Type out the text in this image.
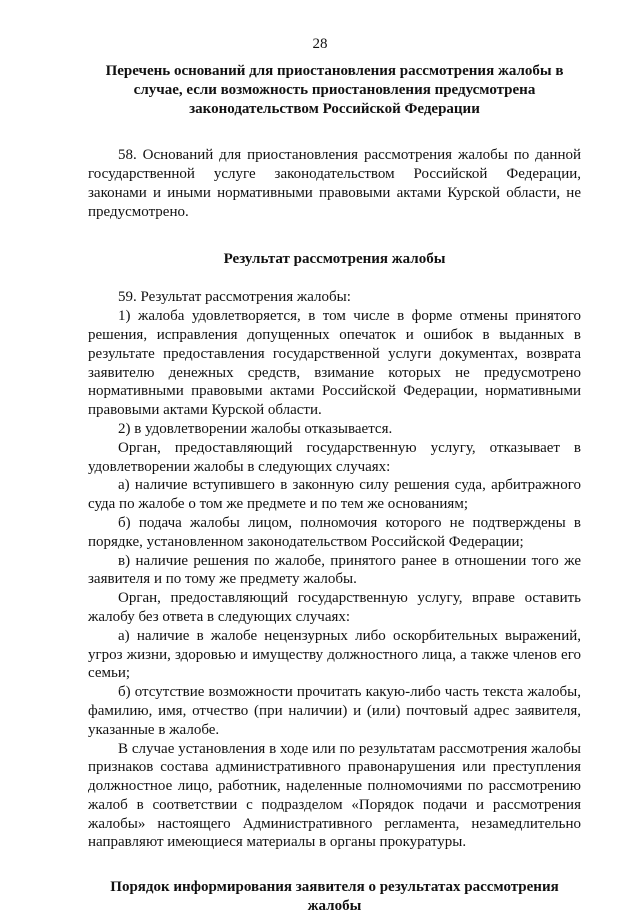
28

Перечень оснований для приостановления рассмотрения жалобы в случае, если возможность приостановления предусмотрена законодательством Российской Федерации

58. Оснований для приостановления рассмотрения жалобы по данной государственной услуге законодательством Российской Федерации, законами и иными нормативными правовыми актами Курской области, не предусмотрено.

Результат рассмотрения жалобы

59. Результат рассмотрения жалобы:

1) жалоба удовлетворяется, в том числе в форме отмены принятого решения, исправления допущенных опечаток и ошибок в выданных в результате предоставления государственной услуги документах, возврата заявителю денежных средств, взимание которых не предусмотрено нормативными правовыми актами Российской Федерации, нормативными правовыми актами Курской области.

2) в удовлетворении жалобы отказывается.

Орган, предоставляющий государственную услугу, отказывает в удовлетворении жалобы в следующих случаях:

а) наличие вступившего в законную силу решения суда, арбитражного суда по жалобе о том же предмете и по тем же основаниям;

б) подача жалобы лицом, полномочия которого не подтверждены в порядке, установленном законодательством Российской Федерации;

в) наличие решения по жалобе, принятого ранее в отношении того же заявителя и по тому же предмету жалобы.

Орган, предоставляющий государственную услугу, вправе оставить жалобу без ответа в следующих случаях:

а) наличие в жалобе нецензурных либо оскорбительных выражений, угроз жизни, здоровью и имуществу должностного лица, а также членов его семьи;

б) отсутствие возможности прочитать какую-либо часть текста жалобы, фамилию, имя, отчество (при наличии) и (или) почтовый адрес заявителя, указанные в жалобе.

В случае установления в ходе или по результатам рассмотрения жалобы признаков состава административного правонарушения или преступления должностное лицо, работник, наделенные полномочиями по рассмотрению жалоб в соответствии с подразделом «Порядок подачи и рассмотрения жалобы» настоящего Административного регламента, незамедлительно направляют имеющиеся материалы в органы прокуратуры.

Порядок информирования заявителя о результатах рассмотрения жалобы
